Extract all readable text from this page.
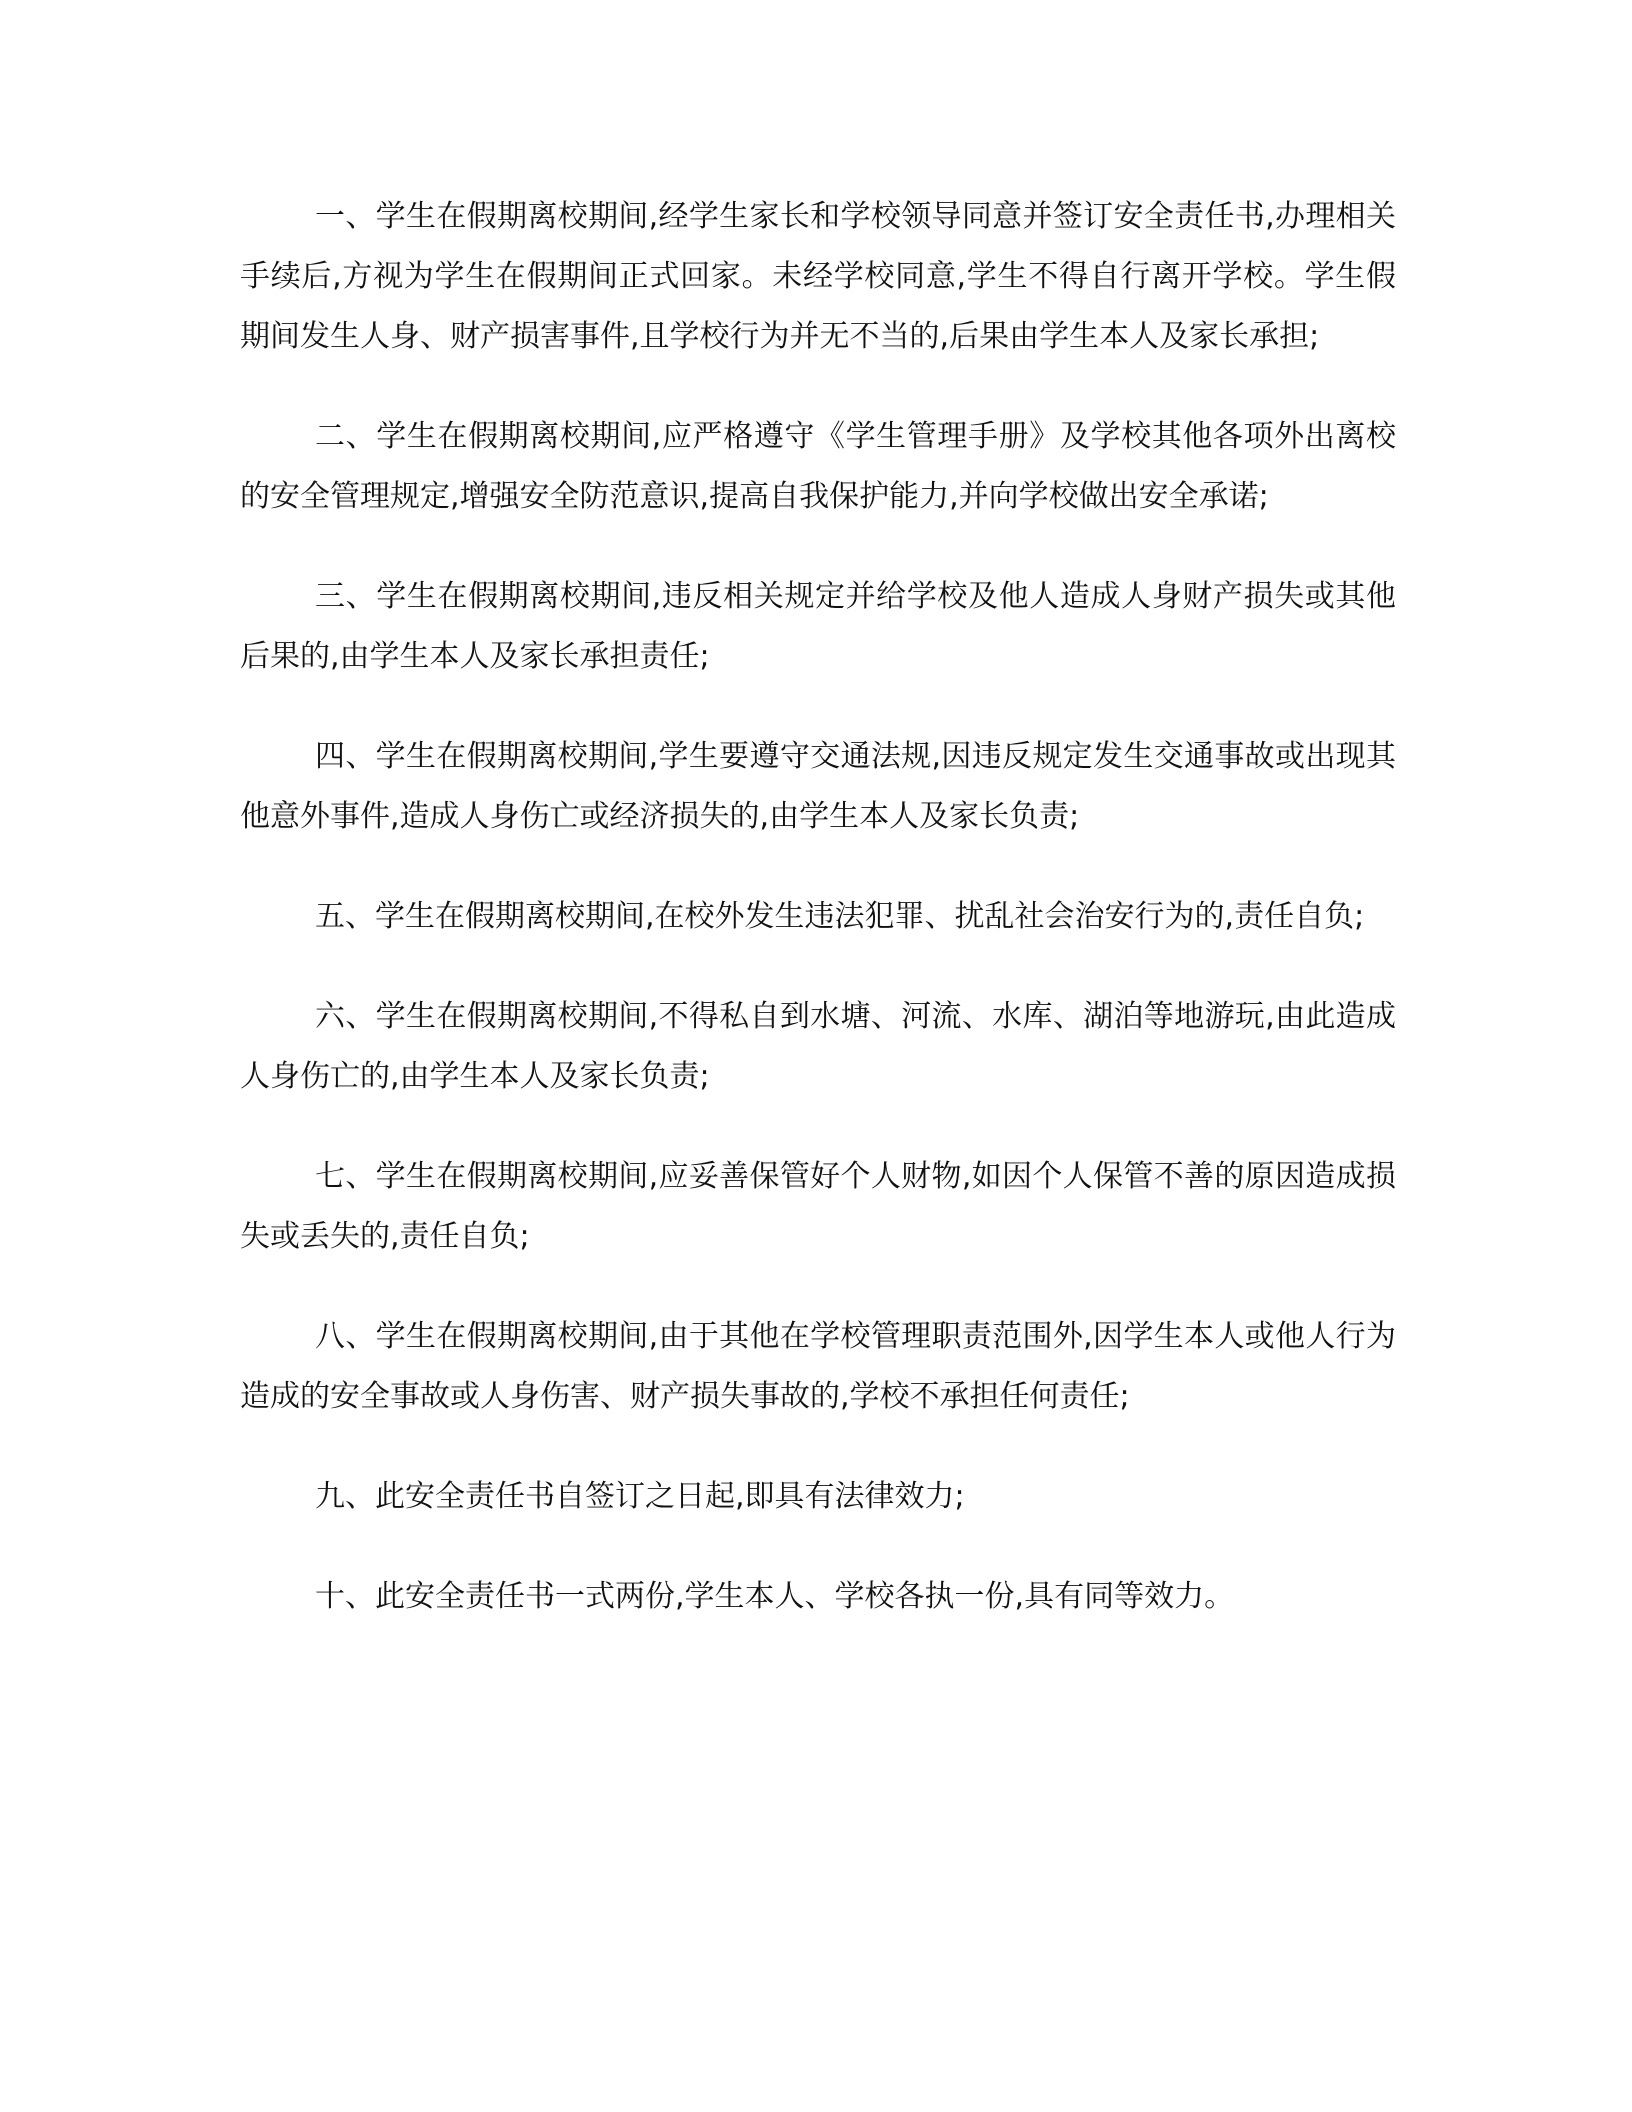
一、学生在假期离校期间,经学生家长和学校领导同意并签订安全责任书,办理相关手续后,方视为学生在假期间正式回家。未经学校同意,学生不得自行离开学校。学生假期间发生人身、财产损害事件,且学校行为并无不当的,后果由学生本人及家长承担;

二、学生在假期离校期间,应严格遵守《学生管理手册》及学校其他各项外出离校的安全管理规定,增强安全防范意识,提高自我保护能力,并向学校做出安全承诺;

三、学生在假期离校期间,违反相关规定并给学校及他人造成人身财产损失或其他后果的,由学生本人及家长承担责任;

四、学生在假期离校期间,学生要遵守交通法规,因违反规定发生交通事故或出现其他意外事件,造成人身伤亡或经济损失的,由学生本人及家长负责;

五、学生在假期离校期间,在校外发生违法犯罪、扰乱社会治安行为的,责任自负;

六、学生在假期离校期间,不得私自到水塘、河流、水库、湖泊等地游玩,由此造成人身伤亡的,由学生本人及家长负责;

七、学生在假期离校期间,应妥善保管好个人财物,如因个人保管不善的原因造成损失或丢失的,责任自负;

八、学生在假期离校期间,由于其他在学校管理职责范围外,因学生本人或他人行为造成的安全事故或人身伤害、财产损失事故的,学校不承担任何责任;

九、此安全责任书自签订之日起,即具有法律效力;

十、此安全责任书一式两份,学生本人、学校各执一份,具有同等效力。
